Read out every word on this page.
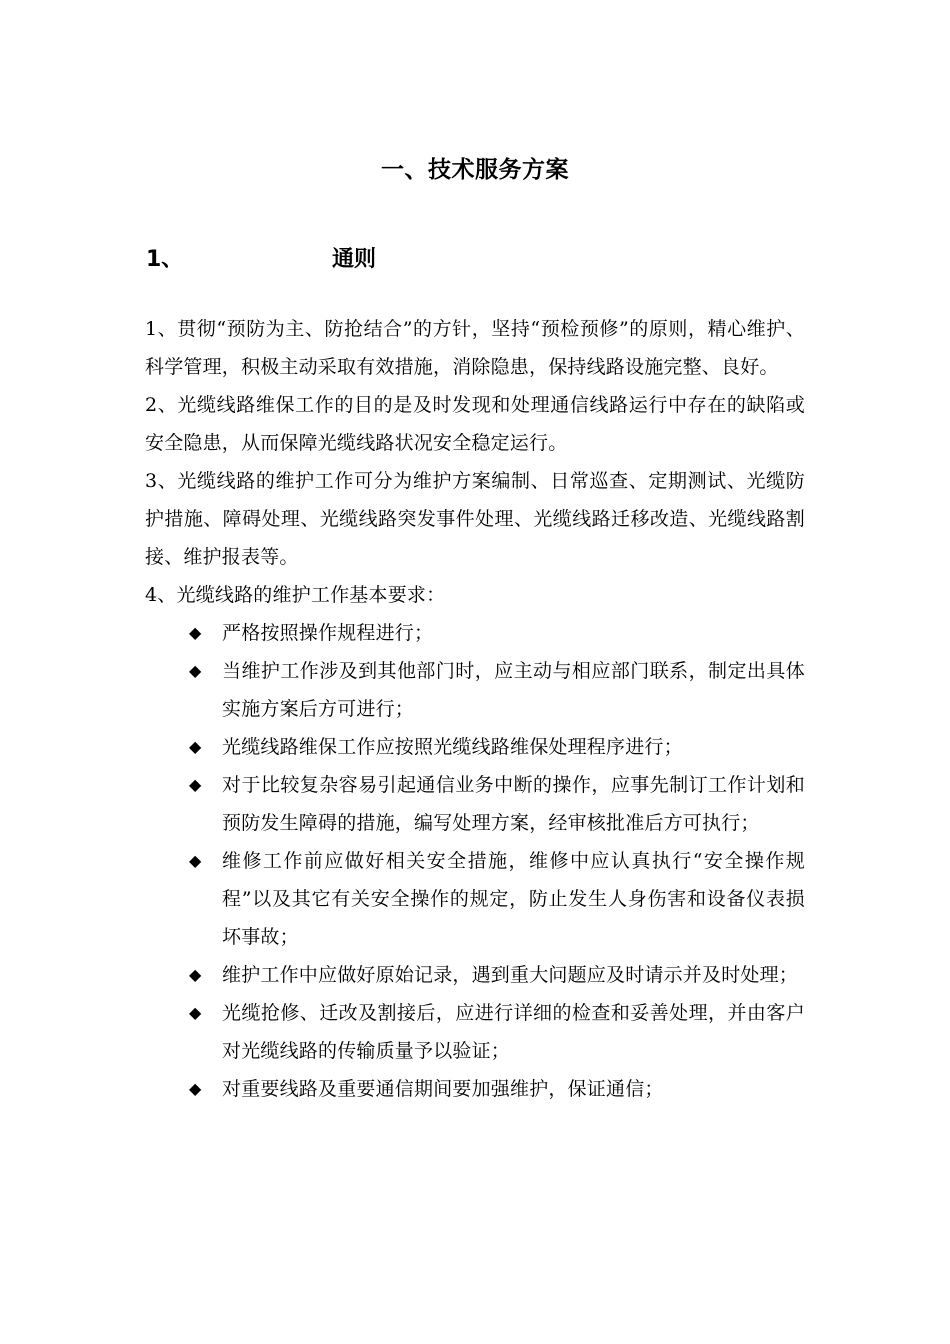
一、技术服务方案
1、	通则

1、贯彻“预防为主、防抢结合”的方针，坚持“预检预修”的原则，精心维护、科学管理，积极主动采取有效措施，消除隐患，保持线路设施完整、良好。

2、光缆线路维保工作的目的是及时发现和处理通信线路运行中存在的缺陷或安全隐患，从而保障光缆线路状况安全稳定运行。

3、光缆线路的维护工作可分为维护方案编制、日常巡查、定期测试、光缆防护措施、障碍处理、光缆线路突发事件处理、光缆线路迁移改造、光缆线路割接、维护报表等。

4、光缆线路的维护工作基本要求：

◆ 严格按照操作规程进行；
◆ 当维护工作涉及到其他部门时，应主动与相应部门联系，制定出具体实施方案后方可进行；
◆ 光缆线路维保工作应按照光缆线路维保处理程序进行；
◆ 对于比较复杂容易引起通信业务中断的操作，应事先制订工作计划和预防发生障碍的措施，编写处理方案，经审核批准后方可执行；
◆ 维修工作前应做好相关安全措施，维修中应认真执行“安全操作规程”以及其它有关安全操作的规定，防止发生人身伤害和设备仪表损坏事故；
◆ 维护工作中应做好原始记录，遇到重大问题应及时请示并及时处理；
◆ 光缆抢修、迁改及割接后，应进行详细的检查和妥善处理，并由客户对光缆线路的传输质量予以验证；
◆ 对重要线路及重要通信期间要加强维护，保证通信；
